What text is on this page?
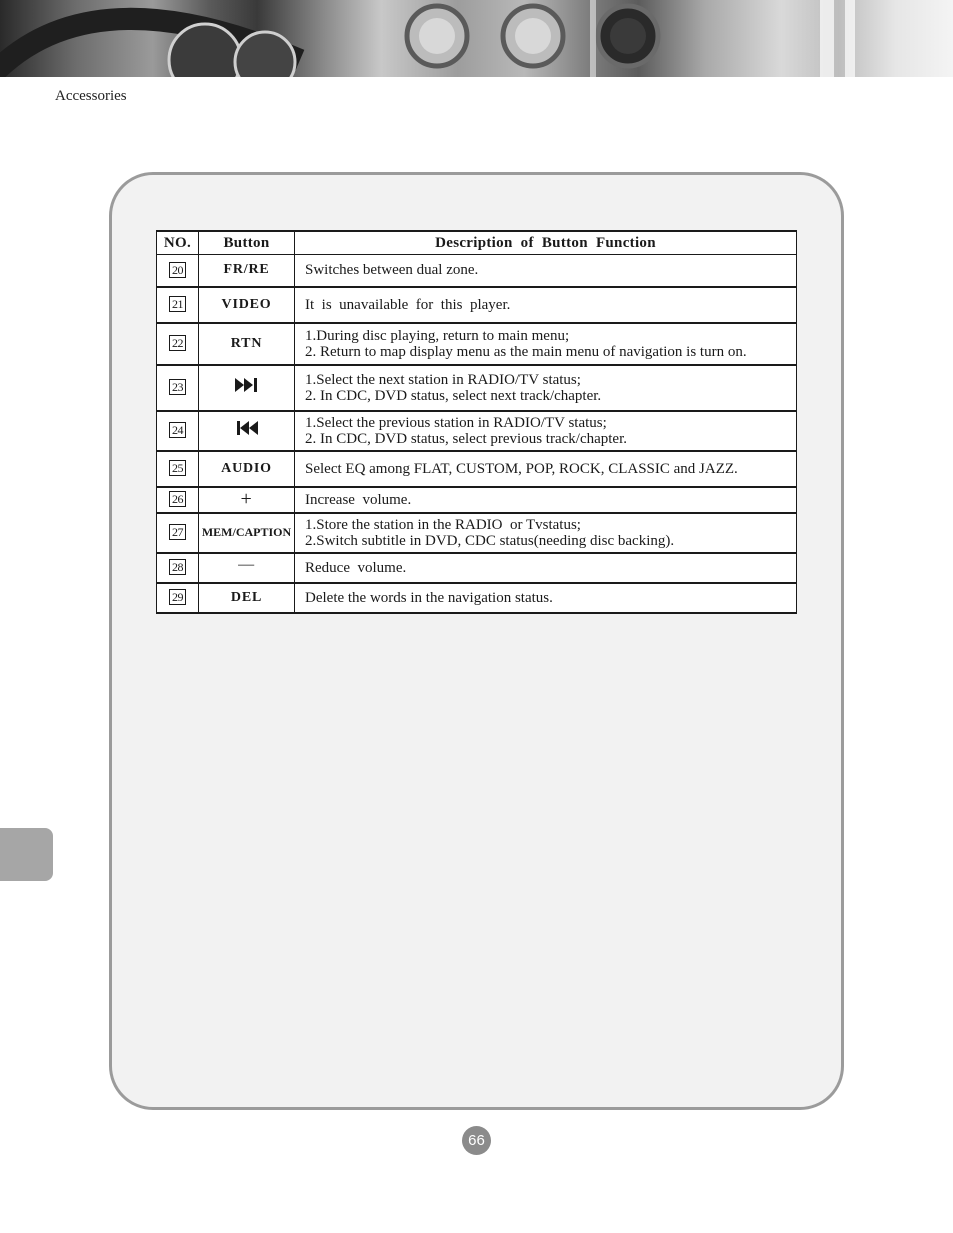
Accessories
NO.	Button	Description  of  Button  Function
20	FR/RE	Switches between dual zone.

21	VIDEO	It  is  unavailable  for  this  player.

22	RTN	1.During disc playing, return to main menu;
2. Return to map display menu as the main menu of navigation is turn on.

23		1.Select the next station in RADIO/TV status;
2. In CDC, DVD status, select next track/chapter.

24		1.Select the previous station in RADIO/TV status;
2. In CDC, DVD status, select previous track/chapter.

25	AUDIO	Select EQ among FLAT, CUSTOM, POP, ROCK, CLASSIC and JAZZ.

26	+	Increase  volume.

27	MEM/CAPTION	1.Store the station in the RADIO  or Tvstatus;
2.Switch subtitle in DVD, CDC status(needing disc backing).

28	—	Reduce  volume.

29	DEL	Delete the words in the navigation status.
66
